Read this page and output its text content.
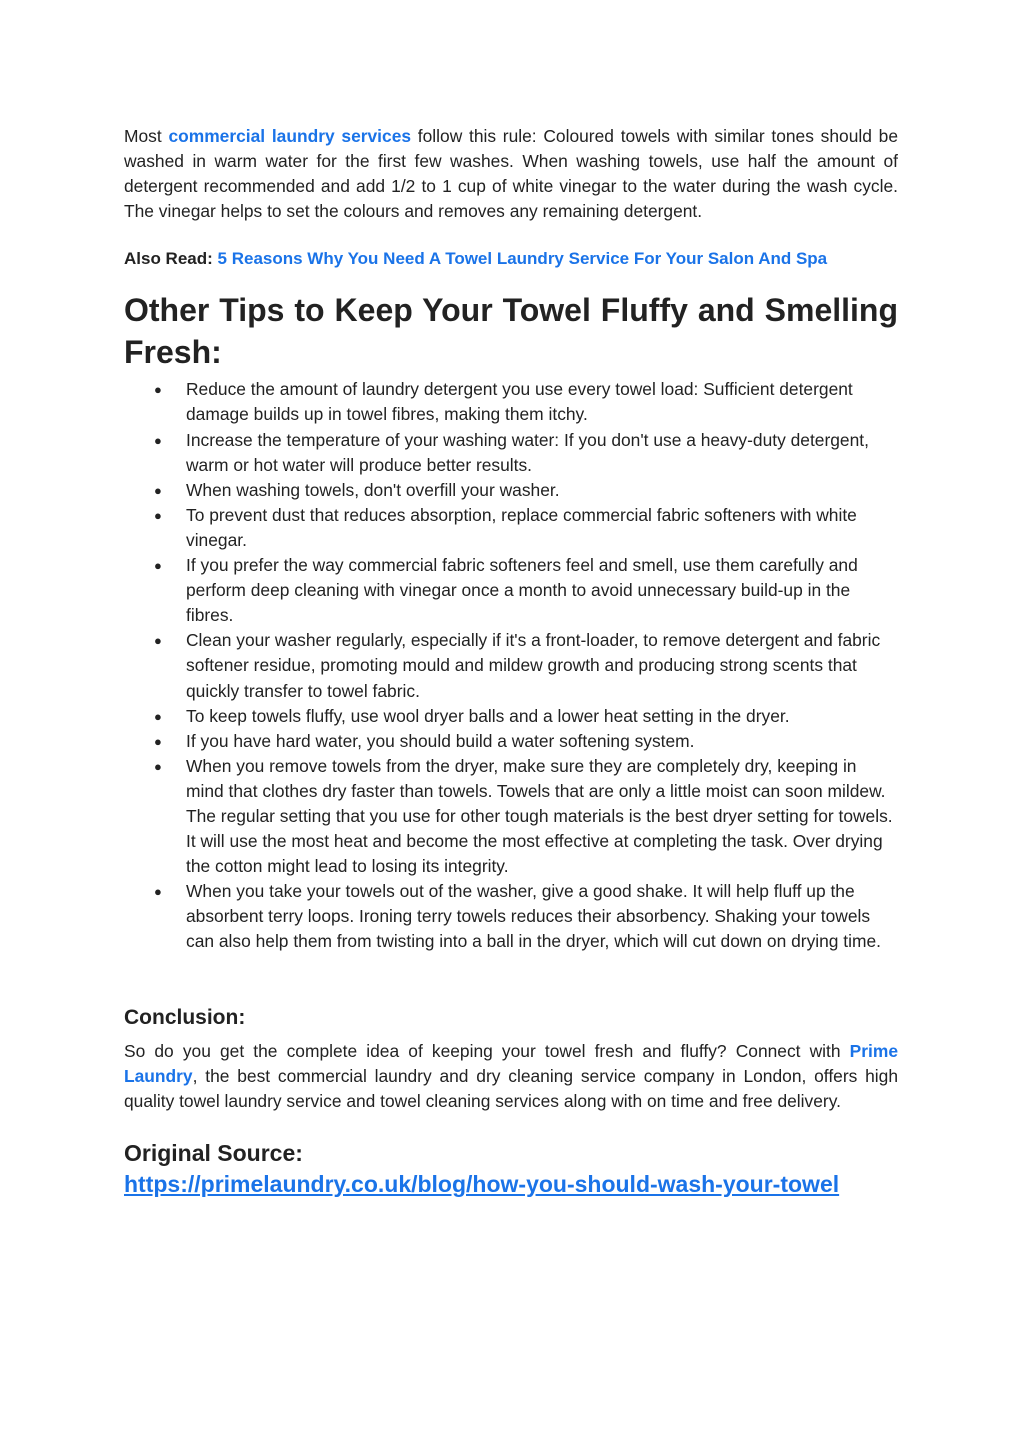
Most commercial laundry services follow this rule: Coloured towels with similar tones should be washed in warm water for the first few washes. When washing towels, use half the amount of detergent recommended and add 1/2 to 1 cup of white vinegar to the water during the wash cycle. The vinegar helps to set the colours and removes any remaining detergent.

Also Read: 5 Reasons Why You Need A Towel Laundry Service For Your Salon And Spa

Other Tips to Keep Your Towel Fluffy and Smelling Fresh:
● Reduce the amount of laundry detergent you use every towel load: Sufficient detergent damage builds up in towel fibres, making them itchy.
● Increase the temperature of your washing water: If you don't use a heavy-duty detergent, warm or hot water will produce better results.
● When washing towels, don't overfill your washer.
● To prevent dust that reduces absorption, replace commercial fabric softeners with white vinegar.
● If you prefer the way commercial fabric softeners feel and smell, use them carefully and perform deep cleaning with vinegar once a month to avoid unnecessary build-up in the fibres.
● Clean your washer regularly, especially if it's a front-loader, to remove detergent and fabric softener residue, promoting mould and mildew growth and producing strong scents that quickly transfer to towel fabric.
● To keep towels fluffy, use wool dryer balls and a lower heat setting in the dryer.
● If you have hard water, you should build a water softening system.
● When you remove towels from the dryer, make sure they are completely dry, keeping in mind that clothes dry faster than towels. Towels that are only a little moist can soon mildew. The regular setting that you use for other tough materials is the best dryer setting for towels. It will use the most heat and become the most effective at completing the task. Over drying the cotton might lead to losing its integrity.
● When you take your towels out of the washer, give a good shake. It will help fluff up the absorbent terry loops. Ironing terry towels reduces their absorbency. Shaking your towels can also help them from twisting into a ball in the dryer, which will cut down on drying time.
Conclusion:

So do you get the complete idea of keeping your towel fresh and fluffy? Connect with Prime Laundry, the best commercial laundry and dry cleaning service company in London, offers high quality towel laundry service and towel cleaning services along with on time and free delivery.

Original Source:
https://primelaundry.co.uk/blog/how-you-should-wash-your-towel
